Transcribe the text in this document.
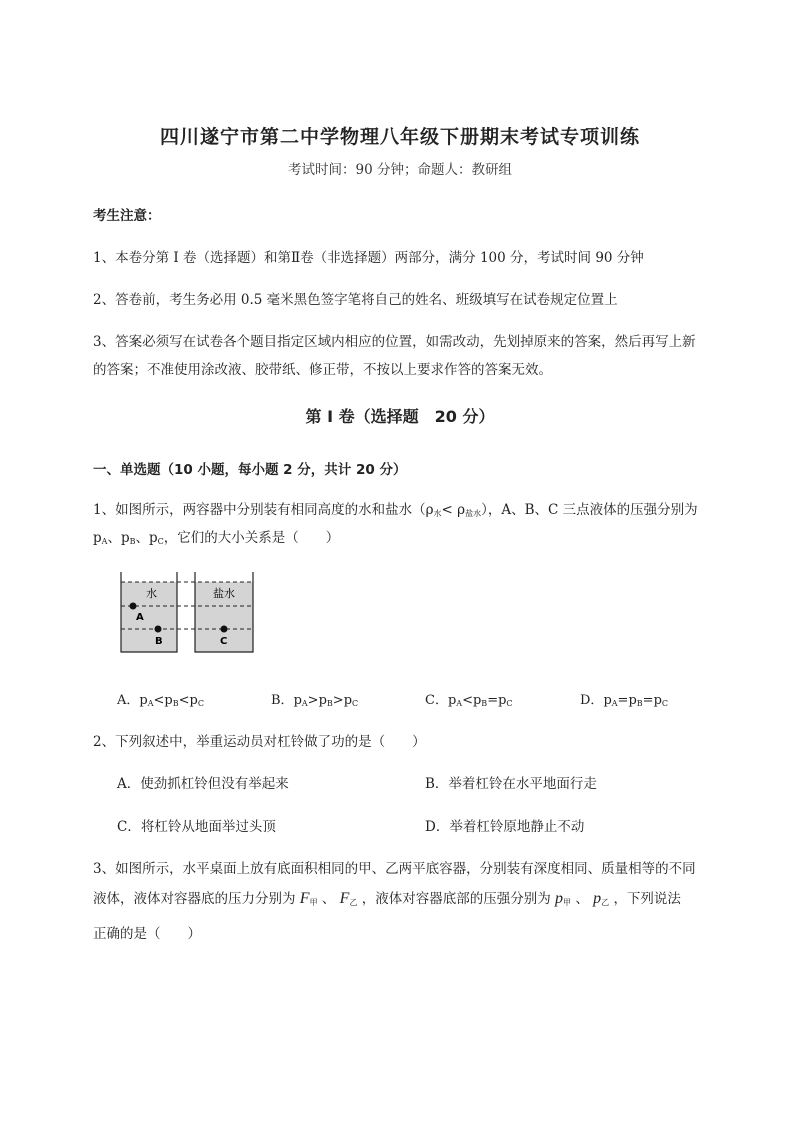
四川遂宁市第二中学物理八年级下册期末考试专项训练
考试时间：90 分钟；命题人：教研组
考生注意：
1、本卷分第 I 卷（选择题）和第Ⅱ卷（非选择题）两部分，满分 100 分，考试时间 90 分钟
2、答卷前，考生务必用 0.5 毫米黑色签字笔将自己的姓名、班级填写在试卷规定位置上
3、答案必须写在试卷各个题目指定区域内相应的位置，如需改动，先划掉原来的答案，然后再写上新
的答案；不准使用涂改液、胶带纸、修正带，不按以上要求作答的答案无效。
第 I 卷（选择题　20 分）
一、单选题（10 小题，每小题 2 分，共计 20 分）
1、如图所示，两容器中分别装有相同高度的水和盐水$(\rho_水< \rho_{盐水})$，A、B、C 三点液体的压强分别为
$p_A$、$p_B$、$p_C$，它们的大小关系是（　　）
水	盐水
A
B	C
A．$p_A<p_B<p_C$	B．$p_A>p_B>p_C$	C．$p_A<p_B=p_C$	D．$p_A=p_B=p_C$
2、下列叙述中，举重运动员对杠铃做了功的是（　　）
A．使劲抓杠铃但没有举起来	B．举着杠铃在水平地面行走
C．将杠铃从地面举过头顶	D．举着杠铃原地静止不动
3、如图所示，水平桌面上放有底面积相同的甲、乙两平底容器，分别装有深度相同、质量相等的不同
液体，液体对容器底的压力分别为 $F_甲$ 、 $F_乙$ ，液体对容器底部的压强分别为 $p_甲$ 、 $p_乙$ ，下列说法
正确的是（　　）
